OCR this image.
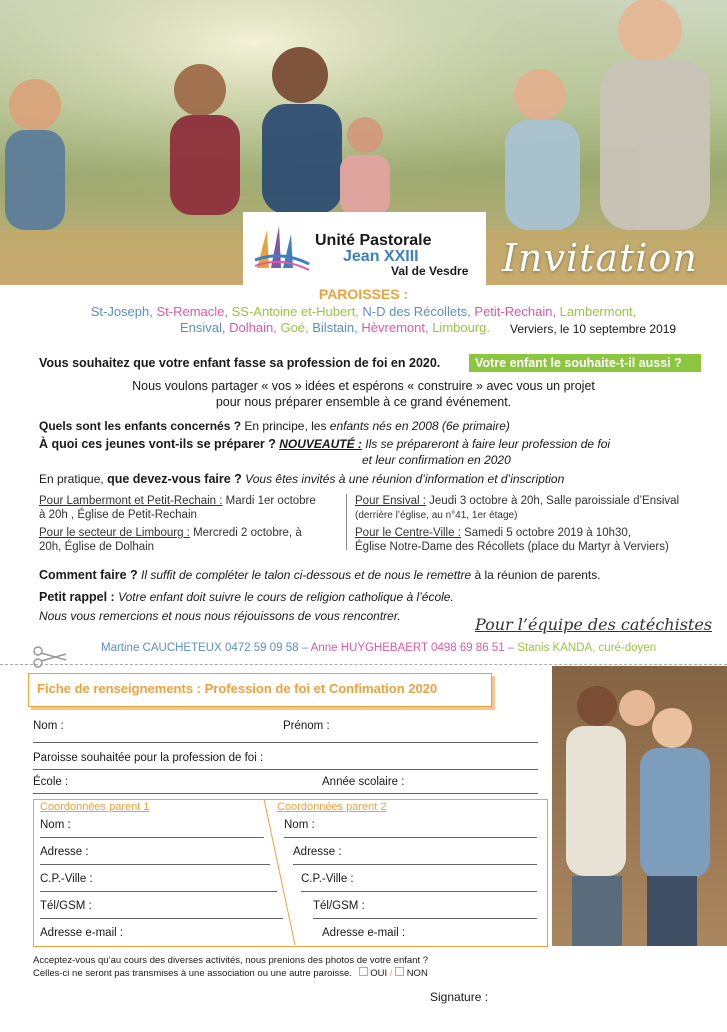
Unité Pastorale
Jean XXIII
Val de Vesdre Invitation
PAROISSES :
St-Joseph, St-Remacle, SS-Antoine et-Hubert, N-D des Récollets, Petit-Rechain, Lambermont,
Ensival, Dolhain, Goé, Bilstain, Hèvremont, Limbourg. Verviers, le 10 septembre 2019
Vous souhaitez que votre enfant fasse sa profession de foi en 2020.	Votre enfant le souhaite-t-il aussi ?
Nous voulons partager « vos » idées et espérons « construire » avec vous un projet
pour nous préparer ensemble à ce grand événement.
Quels sont les enfants concernés ? En principe, les enfants nés en 2008 (6e primaire)
À quoi ces jeunes vont-ils se préparer ? NOUVEAUTÉ : Ils se prépareront à faire leur profession de foi
et leur confirmation en 2020
En pratique, que devez-vous faire ? Vous êtes invités à une réunion d’information et d’inscription
Pour Lambermont et Petit-Rechain : Mardi 1er octobre
à 20h , Église de Petit-Rechain
Pour le secteur de Limbourg : Mercredi 2 octobre, à
20h, Église de Dolhain
Pour Ensival : Jeudi 3 octobre à 20h, Salle paroissiale d’Ensival
(derrière l’église, au n°41, 1er étage)
Pour le Centre-Ville : Samedi 5 octobre 2019 à 10h30,
Église Notre-Dame des Récollets (place du Martyr à Verviers)
Comment faire ? Il suffit de compléter le talon ci-dessous et de nous le remettre à la réunion de parents.
Petit rappel : Votre enfant doit suivre le cours de religion catholique à l’école.
Nous vous remercions et nous nous réjouissons de vous rencontrer.	Pour l’équipe des catéchistes
Martine CAUCHETEUX 0472 59 09 58 – Anne HUYGHEBAERT 0498 69 86 51 – Stanis KANDA, curé-doyen
Fiche de renseignements : Profession de foi et Confimation 2020
Nom :	Prénom :
Paroisse souhaitée pour la profession de foi :
École :	Année scolaire :
Coordonnées parent 1	Coordonnées parent 2
Nom :
Adresse :
C.P.-Ville :
Tél/GSM :
Adresse e-mail :
Nom :
Adresse :
C.P.-Ville :
Tél/GSM :
Adresse e-mail :
Acceptez-vous qu’au cours des diverses activités, nous prenions des photos de votre enfant ?
Celles-ci ne seront pas transmises à une association ou une autre paroisse. OUI / NON
Signature :
